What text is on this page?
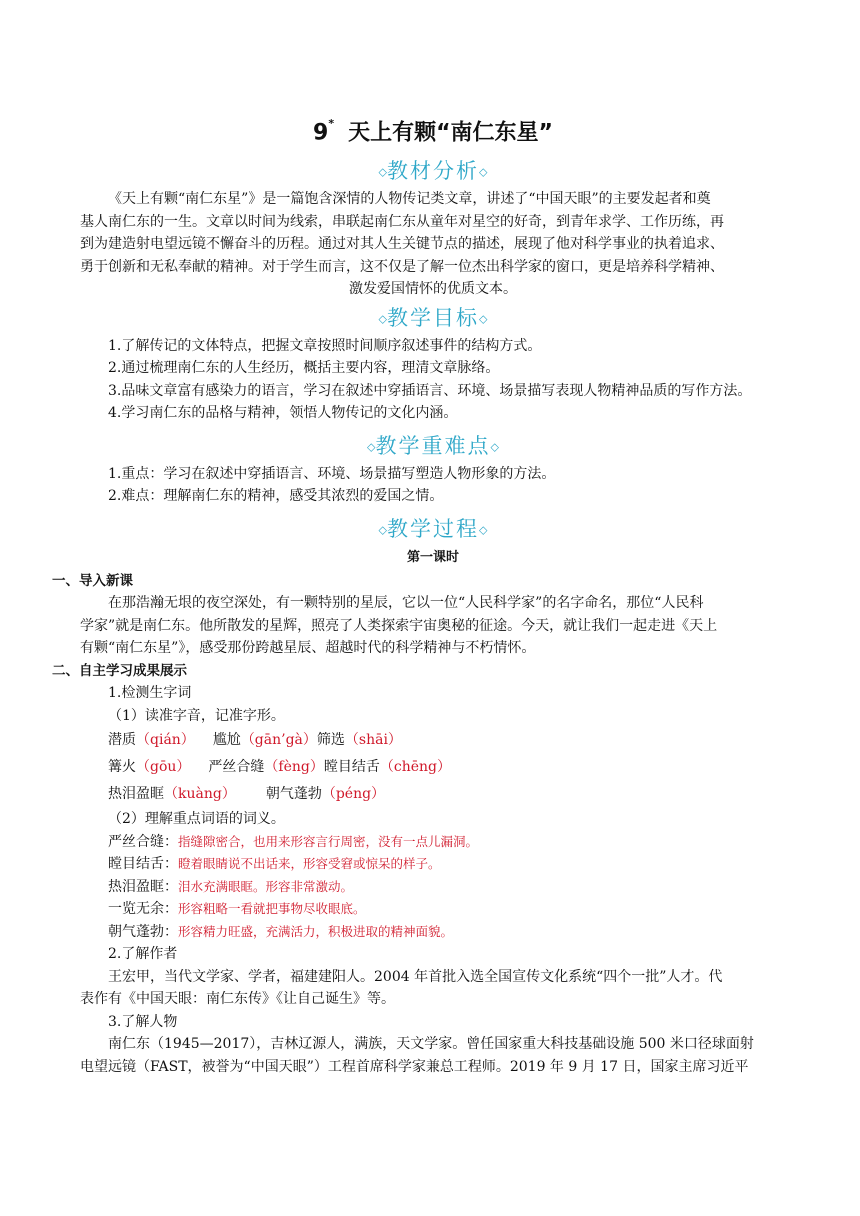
9* 天上有颗“南仁东星”
◇教材分析◇

《天上有颗“南仁东星”》是一篇饱含深情的人物传记类文章，讲述了“中国天眼”的主要发起者和奠

基人南仁东的一生。文章以时间为线索，串联起南仁东从童年对星空的好奇，到青年求学、工作历练，再

到为建造射电望远镜不懈奋斗的历程。通过对其人生关键节点的描述，展现了他对科学事业的执着追求、

勇于创新和无私奉献的精神。对于学生而言，这不仅是了解一位杰出科学家的窗口，更是培养科学精神、

激发爱国情怀的优质文本。

◇教学目标◇

1.了解传记的文体特点，把握文章按照时间顺序叙述事件的结构方式。

2.通过梳理南仁东的人生经历，概括主要内容，理清文章脉络。

3.品味文章富有感染力的语言，学习在叙述中穿插语言、环境、场景描写表现人物精神品质的写作方法。

4.学习南仁东的品格与精神，领悟人物传记的文化内涵。

◇教学重难点◇

1.重点：学习在叙述中穿插语言、环境、场景描写塑造人物形象的方法。

2.难点：理解南仁东的精神，感受其浓烈的爱国之情。

◇教学过程◇
第一课时
一、导入新课

在那浩瀚无垠的夜空深处，有一颗特别的星辰，它以一位“人民科学家”的名字命名，那位“人民科

学家”就是南仁东。他所散发的星辉，照亮了人类探索宇宙奥秘的征途。今天，就让我们一起走进《天上

有颗“南仁东星”》，感受那份跨越星辰、超越时代的科学精神与不朽情怀。

二、自主学习成果展示

1.检测生字词

（1）读准字音，记准字形。

潜质（qián） 尴尬（gān’gà）筛选（shāi）
篝火（gōu） 严丝合缝（fèng）瞠目结舌（chēng）
热泪盈眶（kuàng） 朝气蓬勃（péng）

（2）理解重点词语的词义。

严丝合缝：指缝隙密合，也用来形容言行周密，没有一点儿漏洞。

瞠目结舌：瞪着眼睛说不出话来，形容受窘或惊呆的样子。

热泪盈眶：泪水充满眼眶。形容非常激动。

一览无余：形容粗略一看就把事物尽收眼底。

朝气蓬勃：形容精力旺盛，充满活力，积极进取的精神面貌。

2.了解作者

王宏甲，当代文学家、学者，福建建阳人。2004 年首批入选全国宣传文化系统“四个一批”人才。代

表作有《中国天眼：南仁东传》《让自己诞生》等。

3.了解人物

南仁东（1945—2017），吉林辽源人，满族，天文学家。曾任国家重大科技基础设施 500 米口径球面射

电望远镜（FAST，被誉为“中国天眼”）工程首席科学家兼总工程师。2019 年 9 月 17 日，国家主席习近平
